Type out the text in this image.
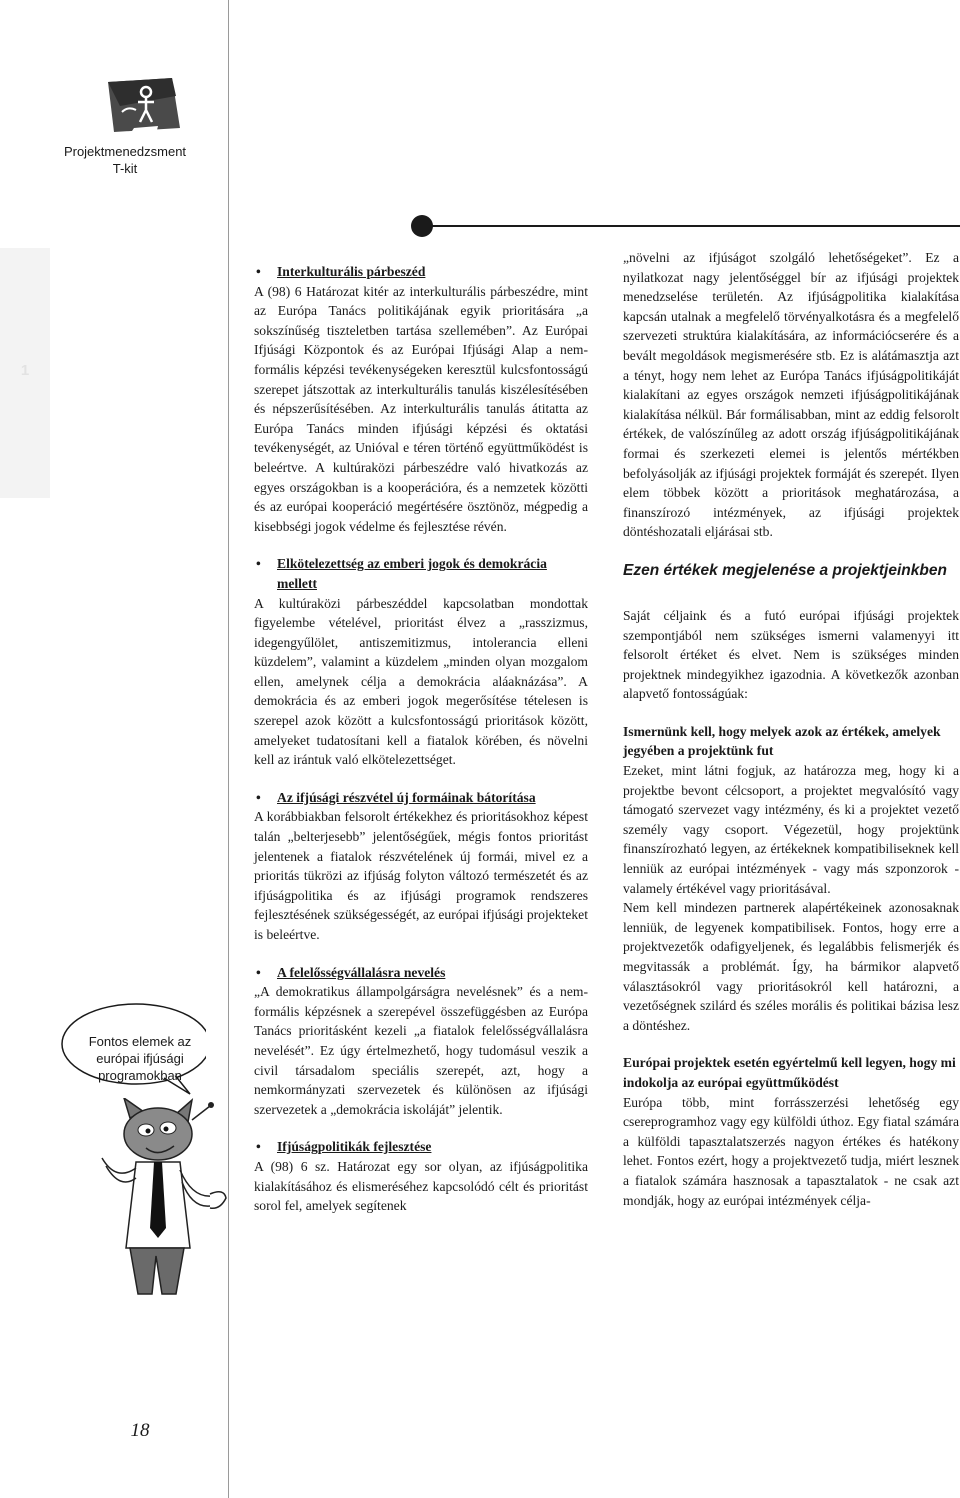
Projektmenedzsment
T-kit
1
Fontos elemek az
európai ifjúsági
programokban
18
• Interkulturális párbeszéd

A (98) 6 Határozat kitér az interkulturális párbeszédre, mint az Európa Tanács politikájának egyik prioritására „a sokszínűség tiszteletben tartása szellemében”. Az Európai Ifjúsági Központok és az Európai Ifjúsági Alap a nem-formális képzési tevékenységeken keresztül kulcsfontosságú szerepet játszottak az interkulturális tanulás kiszélesítésében és népszerűsítésében. Az interkulturális tanulás átitatta az Európa Tanács minden ifjúsági képzési és oktatási tevékenységét, az Unióval e téren történő együttműködést is beleértve. A kultúraközi párbeszédre való hivatkozás az egyes országokban is a kooperációra, és a nemzetek közötti és az európai kooperáció megértésére ösztönöz, mégpedig a kisebbségi jogok védelme és fejlesztése révén.

• Elkötelezettség az emberi jogok és demokrácia mellett

A kultúraközi párbeszéddel kapcsolatban mondottak figyelembe vételével, prioritást élvez a „rasszizmus, idegengyűlölet, antiszemitizmus, intolerancia elleni küzdelem”, valamint a küzdelem „minden olyan mozgalom ellen, amelynek célja a demokrácia aláaknázása”. A demokrácia és az emberi jogok megerősítése tételesen is szerepel azok között a kulcsfontosságú prioritások között, amelyeket tudatosítani kell a fiatalok körében, és növelni kell az irántuk való elkötelezettséget.

• Az ifjúsági részvétel új formáinak bátorítása

A korábbiakban felsorolt értékekhez és prioritásokhoz képest talán „belterjesebb” jelentőségűek, mégis fontos prioritást jelentenek a fiatalok részvételének új formái, mivel ez a prioritás tükrözi az ifjúság folyton változó természetét és az ifjúságpolitika és az ifjúsági programok rendszeres fejlesztésének szükségességét, az európai ifjúsági projekteket is beleértve.

• A felelősségvállalásra nevelés

„A demokratikus állampolgárságra nevelésnek” és a nem-formális képzésnek a szerepével összefüggésben az Európa Tanács prioritásként kezeli „a fiatalok felelősségvállalásra nevelését”. Ez úgy értelmezhető, hogy tudomásul veszik a civil társadalom speciális szerepét, azt, hogy a nemkormányzati szervezetek és különösen az ifjúsági szervezetek a „demokrácia iskoláját” jelentik.

• Ifjúságpolitikák fejlesztése

A (98) 6 sz. Határozat egy sor olyan, az ifjúságpolitika kialakításához és elismeréséhez kapcsolódó célt és prioritást sorol fel, amelyek segítenek

„növelni az ifjúságot szolgáló lehetőségeket”. Ez a nyilatkozat nagy jelentőséggel bír az ifjúsági projektek menedzselése területén. Az ifjúságpolitika kialakítása kapcsán utalnak a megfelelő törvényalkotásra és a megfelelő szervezeti struktúra kialakítására, az információcserére és a bevált megoldások megismerésére stb. Ez is alátámasztja azt a tényt, hogy nem lehet az Európa Tanács ifjúságpolitikáját kialakítani az egyes országok nemzeti ifjúságpolitikájának kialakítása nélkül. Bár formálisabban, mint az eddig felsorolt értékek, de valószínűleg az adott ország ifjúságpolitikájának formai és szerkezeti elemei is jelentős mértékben befolyásolják az ifjúsági projektek formáját és szerepét. Ilyen elem többek között a prioritások meghatározása, a finanszírozó intézmények, az ifjúsági projektek döntéshozatali eljárásai stb.

Ezen értékek megjelenése a projektjeinkben

Saját céljaink és a futó európai ifjúsági projektek szempontjából nem szükséges ismerni valamenyyi itt felsorolt értéket és elvet. Nem is szükséges minden projektnek mindegyikhez igazodnia. A következők azonban alapvető fontosságúak:

Ismernünk kell, hogy melyek azok az értékek, amelyek jegyében a projektünk fut

Ezeket, mint látni fogjuk, az határozza meg, hogy ki a projektbe bevont célcsoport, a projektet megvalósító vagy támogató szervezet vagy intézmény, és ki a projektet vezető személy vagy csoport. Végezetül, hogy projektünk finanszírozható legyen, az értékeknek kompatibiliseknek kell lenniük az európai intézmények - vagy más szponzorok - valamely értékével vagy prioritásával.

Nem kell mindezen partnerek alapértékeinek azonosaknak lenniük, de legyenek kompatibilisek. Fontos, hogy erre a projektvezetők odafigyeljenek, és legalábbis felismerjék és megvitassák a problémát. Így, ha bármikor alapvető választásokról vagy prioritásokról kell határozni, a vezetőségnek szilárd és széles morális és politikai bázisa lesz a döntéshez.

Európai projektek esetén egyértelmű kell legyen, hogy mi indokolja az európai együttműködést

Európa több, mint forrásszerzési lehetőség egy csereprogramhoz vagy egy külföldi úthoz. Egy fiatal számára a külföldi tapasztalatszerzés nagyon értékes és hatékony lehet. Fontos ezért, hogy a projektvezető tudja, miért lesznek a fiatalok számára hasznosak a tapasztalatok - ne csak azt mondják, hogy az európai intézmények célja-
